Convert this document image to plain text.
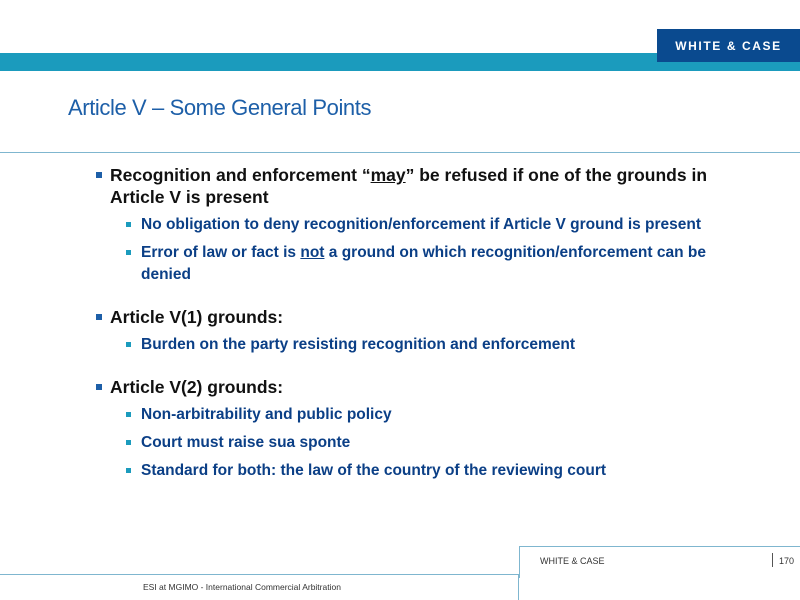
WHITE & CASE
Article V – Some General Points
Recognition and enforcement “may” be refused if one of the grounds in Article V is present
No obligation to deny recognition/enforcement if Article V ground is present
Error of law or fact is not a ground on which recognition/enforcement can be denied
Article V(1) grounds:
Burden on the party resisting recognition and enforcement
Article V(2) grounds:
Non-arbitrability and public policy
Court must raise sua sponte
Standard for both: the law of the country of the reviewing court
WHITE & CASE	170
ESI at MGIMO - International Commercial Arbitration
